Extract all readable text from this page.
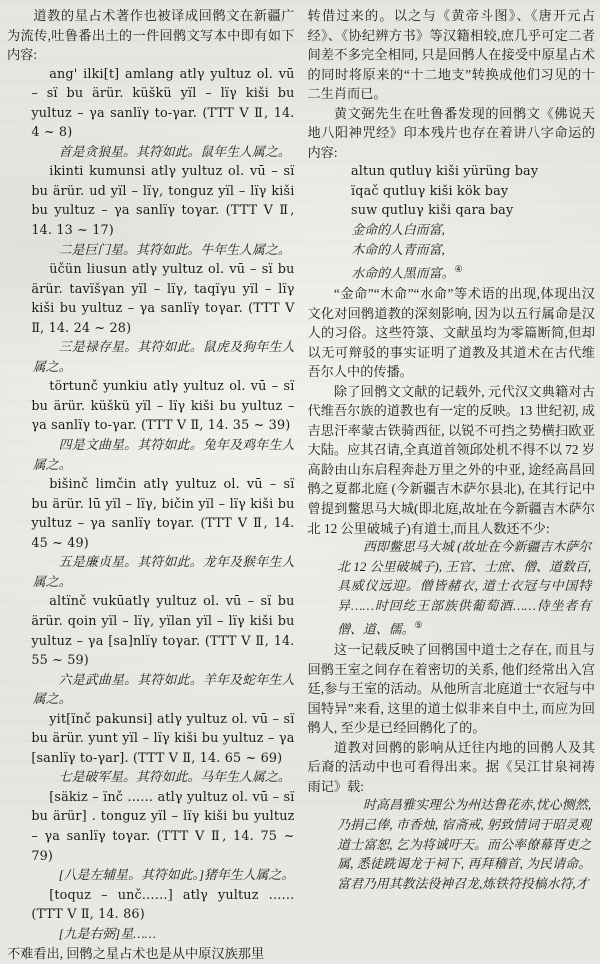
道教的星占术著作也被译成回鹘文在新疆广为流传,吐鲁番出土的一件回鹘文写本中即有如下内容:

ang' ilki[t] amlang atlγ yultuz ol. vū – sï bu ärür. küškü yïl – lïγ kiši bu yultuz – γa sanlïγ to-γar. (TTT V Ⅱ, 14. 4 ~ 8)

首是贪狼星。其符如此。鼠年生人属之。

ikinti kumunsi atlγ yultuz ol. vū – sï bu ärür. ud yïl – lïγ, tonguz yïl – lïγ kiši bu yultuz – γa sanlïγ toγar. (TTT V Ⅱ, 14. 13 ~ 17)

二是巨门星。其符如此。牛年生人属之。

üčün liusun atlγ yultuz ol. vū – sï bu ärür. tavïšγan yïl – lïγ, taqïγu yïl – lïγ kiši bu yultuz – γa sanlïγ toγar. (TTT V Ⅱ, 14. 24 ~ 28)

三是禄存星。其符如此。鼠虎及狗年生人属之。

törtunč yunkiu atlγ yultuz ol. vū – sï bu ärür. küškü yïl – lïγ kiši bu yultuz – γa sanlïγ to-γar. (TTT V Ⅱ, 14. 35 ~ 39)

四是文曲星。其符如此。兔年及鸡年生人属之。

bišinč limčin atlγ yultuz ol. vū – sï bu ärür. lū yïl – lïγ, bičin yïl – lïγ kiši bu yultuz – γa sanlïγ toγar. (TTT V Ⅱ, 14. 45 ~ 49)

五是廉贞星。其符如此。龙年及猴年生人属之。

altïnč vukūatlγ yultuz ol. vū – sï bu ärür. qoin yïl – lïγ, yïlan yïl – lïγ kiši bu yultuz – γa [sa]nlïγ toγar. (TTT V Ⅱ, 14. 55 ~ 59)

六是武曲星。其符如此。羊年及蛇年生人属之。

yit[ïnč pakunsi] atlγ yultuz ol. vū – sï bu ärür. yunt yïl – lïγ kiši bu yultuz – γa [sanlïγ to-γar]. (TTT V Ⅱ, 14. 65 ~ 69)

七是破军星。其符如此。马年生人属之。

[säkiz – ïnč …… atlγ yultuz ol. vū – sï bu ärür] . tonguz yïl – lïγ kiši bu yultuz – γa sanlïγ toγar. (TTT V Ⅱ, 14. 75 ~ 79)

[八是左辅星。其符如此。]猪年生人属之。

[toquz – unč……] atlγ yultuz …… (TTT V Ⅱ, 14. 86)

[九是右弼]星……

不难看出, 回鹘之星占术也是从中原汉族那里

转借过来的。以之与《黄帝斗图》、《唐开元占经》、《协纪辨方书》等汉籍相较,庶几乎可定二者间差不多完全相同, 只是回鹘人在接受中原星占术的同时将原来的“十二地支”转换成他们习见的十二生肖而已。

黄文弼先生在吐鲁番发现的回鹘文《佛说天地八阳神咒经》印本残片也存在着讲八字命运的内容:

altun qutluγ kiši yürüng bay

ïqač qutluγ kiši kök bay

suw qutluγ kiši qara bay

金命的人白而富,

木命的人青而富,

水命的人黑而富。④

“金命”“木命”“水命”等术语的出现,体现出汉文化对回鹘道教的深刻影响, 因为以五行属命是汉人的习俗。这些符箓、文献虽均为零篇断简,但却以无可辩驳的事实证明了道教及其道术在古代维吾尔人中的传播。

除了回鹘文文献的记载外, 元代汉文典籍对古代维吾尔族的道教也有一定的反映。13 世纪初, 成吉思汗率蒙古铁骑西征, 以锐不可挡之势横扫欧亚大陆。应其召请,全真道首领邱处机不得不以 72 岁高龄由山东启程奔赴万里之外的中亚, 途经高昌回鹘之夏都北庭 (今新疆吉木萨尔县北), 在其行记中曾提到鳖思马大城(即北庭,故址在今新疆吉木萨尔北 12 公里破城子)有道士,而且人数还不少:

西即鳖思马大城 (故址在今新疆吉木萨尔北 12 公里破城子), 王官、士庶、僧、道数百, 具威仪远迎。僧皆赭衣, 道士衣冠与中国特异……时回纥王部族供葡萄酒……侍坐者有僧、道、儒。⑤

这一记载反映了回鹘国中道士之存在, 而且与回鹘王室之间存在着密切的关系, 他们经常出入宫廷,参与王室的活动。从他所言北庭道士“衣冠与中国特异”来看, 这里的道士似非来自中土, 而应为回鹘人, 至少是已经回鹘化了的。

道教对回鹘的影响从迁往内地的回鹘人及其后裔的活动中也可看得出来。据《吴江甘泉祠祷雨记》载:

时高昌雅实理公为州达鲁花赤,忧心恻然, 乃捐己俸, 市香烛, 宿斋戒, 躬致情词于昭灵观道士富恕, 乞为将诚吁天。而公率僚幕胥吏之属, 悉徒跣谒龙于祠下, 再拜稽首, 为民请命。富君乃用其教法役神召龙,炼铁符投槁水符,才
